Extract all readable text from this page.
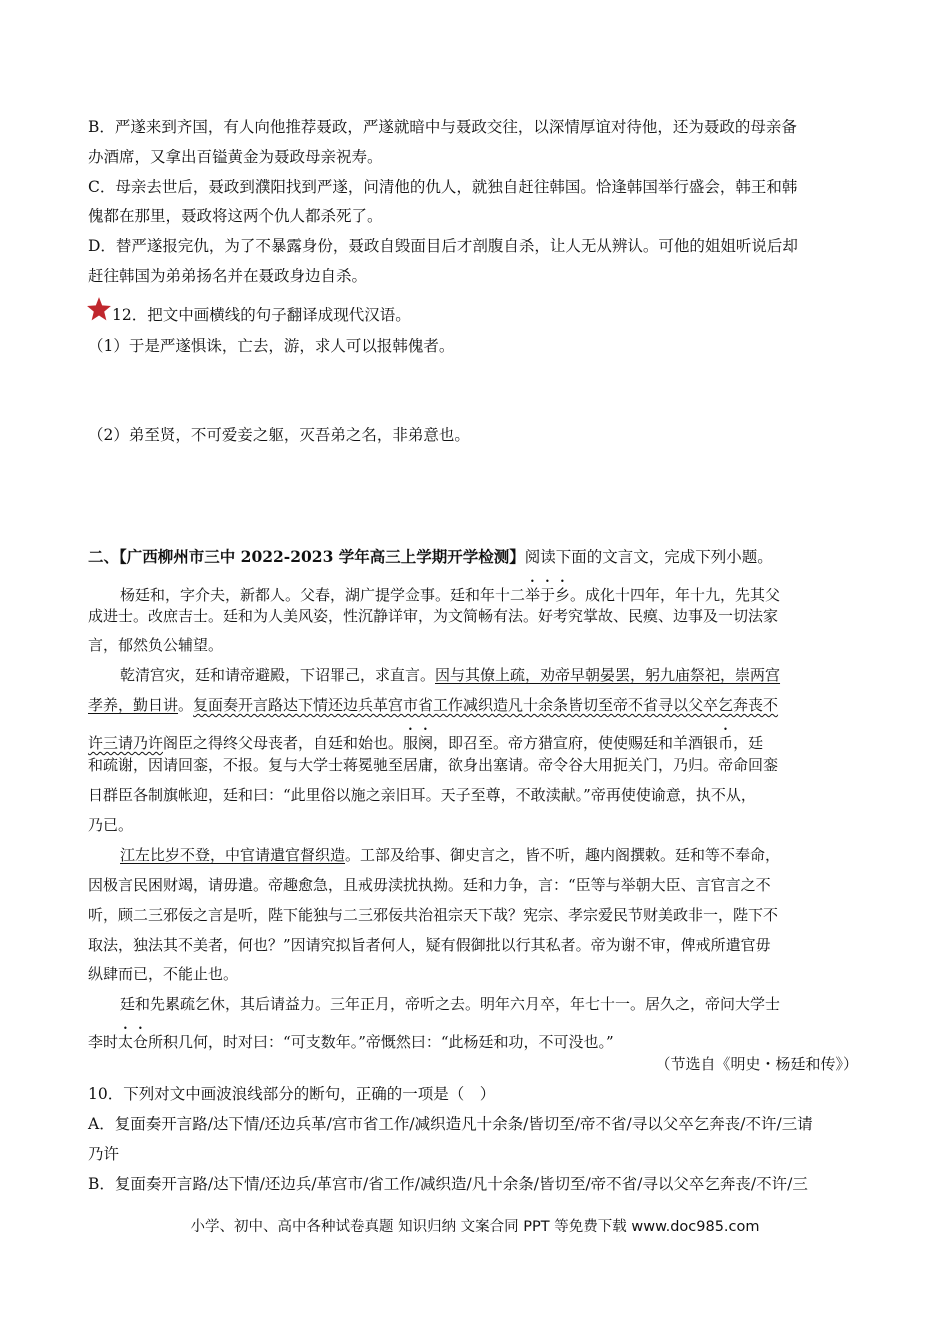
B．严遂来到齐国，有人向他推荐聂政，严遂就暗中与聂政交往，以深情厚谊对待他，还为聂政的母亲备
办酒席，又拿出百镒黄金为聂政母亲祝寿。
C．母亲去世后，聂政到濮阳找到严遂，问清他的仇人，就独自赶往韩国。恰逢韩国举行盛会，韩王和韩
傀都在那里，聂政将这两个仇人都杀死了。
D．替严遂报完仇，为了不暴露身份，聂政自毁面目后才剖腹自杀，让人无从辨认。可他的姐姐听说后却
赶往韩国为弟弟扬名并在聂政身边自杀。
12．把文中画横线的句子翻译成现代汉语。
（1）于是严遂惧诛，亡去，游，求人可以报韩傀者。
（2）弟至贤，不可爱妾之躯，灭吾弟之名，非弟意也。
二、【广西柳州市三中 2022-2023 学年高三上学期开学检测】阅读下面的文言文，完成下列小题。
杨廷和，字介夫，新都人。父春，湖广提学佥事。廷和年十二举于乡。成化十四年，年十九，先其父
成进士。改庶吉士。廷和为人美风姿，性沉静详审，为文简畅有法。好考究掌故、民瘼、边事及一切法家
言，郁然负公辅望。
乾清宫灾，廷和请帝避殿，下诏罪己，求直言。因与其僚上疏，劝帝早朝晏罢，躬九庙祭祀，崇两宫
孝养，勤日讲。复面奏开言路达下情还边兵革宫市省工作减织造凡十余条皆切至帝不省寻以父卒乞奔丧不
许三请乃许阁臣之得终父母丧者，自廷和始也。服阕，即召至。帝方猎宣府，使使赐廷和羊酒银币，廷
和疏谢，因请回銮，不报。复与大学士蒋冕驰至居庸，欲身出塞请。帝令谷大用扼关门，乃归。帝命回銮
日群臣各制旗帐迎，廷和曰：“此里俗以施之亲旧耳。天子至尊，不敢渎献。”帝再使使谕意，执不从，
乃已。
江左比岁不登，中官请遣官督织造。工部及给事、御史言之，皆不听，趣内阁撰敕。廷和等不奉命，
因极言民困财竭，请毋遣。帝趣愈急，且戒毋渎扰执拗。廷和力争，言：“臣等与举朝大臣、言官言之不
听，顾二三邪佞之言是听，陛下能独与二三邪佞共治祖宗天下哉？宪宗、孝宗爱民节财美政非一，陛下不
取法，独法其不美者，何也？”因请究拟旨者何人，疑有假御批以行其私者。帝为谢不审，俾戒所遣官毋
纵肆而已，不能止也。
廷和先累疏乞休，其后请益力。三年正月，帝听之去。明年六月卒，年七十一。居久之，帝问大学士
李时太仓所积几何，时对曰：“可支数年。”帝慨然曰：“此杨廷和功，不可没也。”
（节选自《明史・杨廷和传》）
10．下列对文中画波浪线部分的断句，正确的一项是（　）
A．复面奏开言路/达下情/还边兵革/宫市省工作/减织造凡十余条/皆切至/帝不省/寻以父卒乞奔丧/不许/三请
乃许
B．复面奏开言路/达下情/还边兵/革宫市/省工作/减织造/凡十余条/皆切至/帝不省/寻以父卒乞奔丧/不许/三
小学、初中、高中各种试卷真题 知识归纳 文案合同 PPT 等免费下载 www.doc985.com
